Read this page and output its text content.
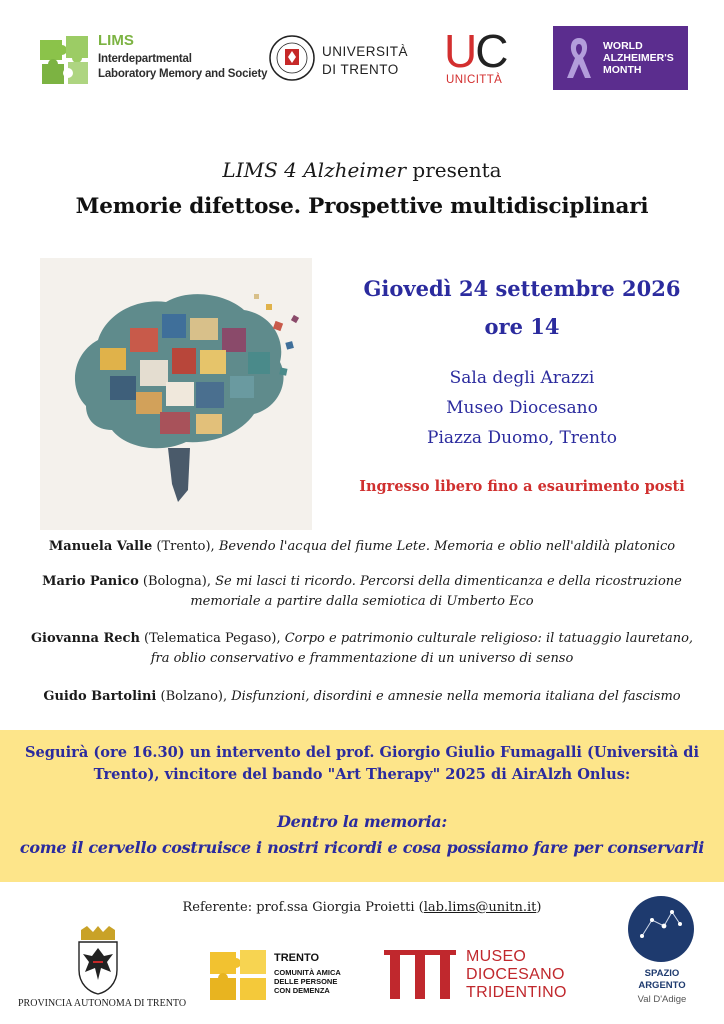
LIMS
Interdepartmental
Laboratory Memory and Society
UNIVERSITÀ
DI TRENTO UC
UNICITTÀ
WORLD
ALZHEIMER'S
MONTH
LIMS 4 Alzheimer presenta
Memorie difettose. Prospettive multidisciplinari
Giovedì 24 settembre 2026
ore 14
Sala degli Arazzi
Museo Diocesano
Piazza Duomo, Trento
Ingresso libero fino a esaurimento posti
Manuela Valle (Trento), Bevendo l'acqua del fiume Lete. Memoria e oblio nell'aldilà platonico
Mario Panico (Bologna), Se mi lasci ti ricordo. Percorsi della dimenticanza e della ricostruzione memoriale a partire dalla semiotica di Umberto Eco
Giovanna Rech (Telematica Pegaso), Corpo e patrimonio culturale religioso: il tatuaggio lauretano, fra oblio conservativo e frammentazione di un universo di senso
Guido Bartolini (Bolzano), Disfunzioni, disordini e amnesie nella memoria italiana del fascismo
Seguirà (ore 16.30) un intervento del prof. Giorgio Giulio Fumagalli (Università di Trento), vincitore del bando "Art Therapy" 2025 di AirAlzh Onlus:
Dentro la memoria:
come il cervello costruisce i nostri ricordi e cosa possiamo fare per conservarli
Referente: prof.ssa Giorgia Proietti (lab.lims@unitn.it)
PROVINCIA AUTONOMA DI TRENTO
TRENTO
COMUNITÀ AMICA
DELLE PERSONE
CON DEMENZA
MUSEO
DIOCESANO
TRIDENTINO
SPAZIO
ARGENTO
Val D'Adige
